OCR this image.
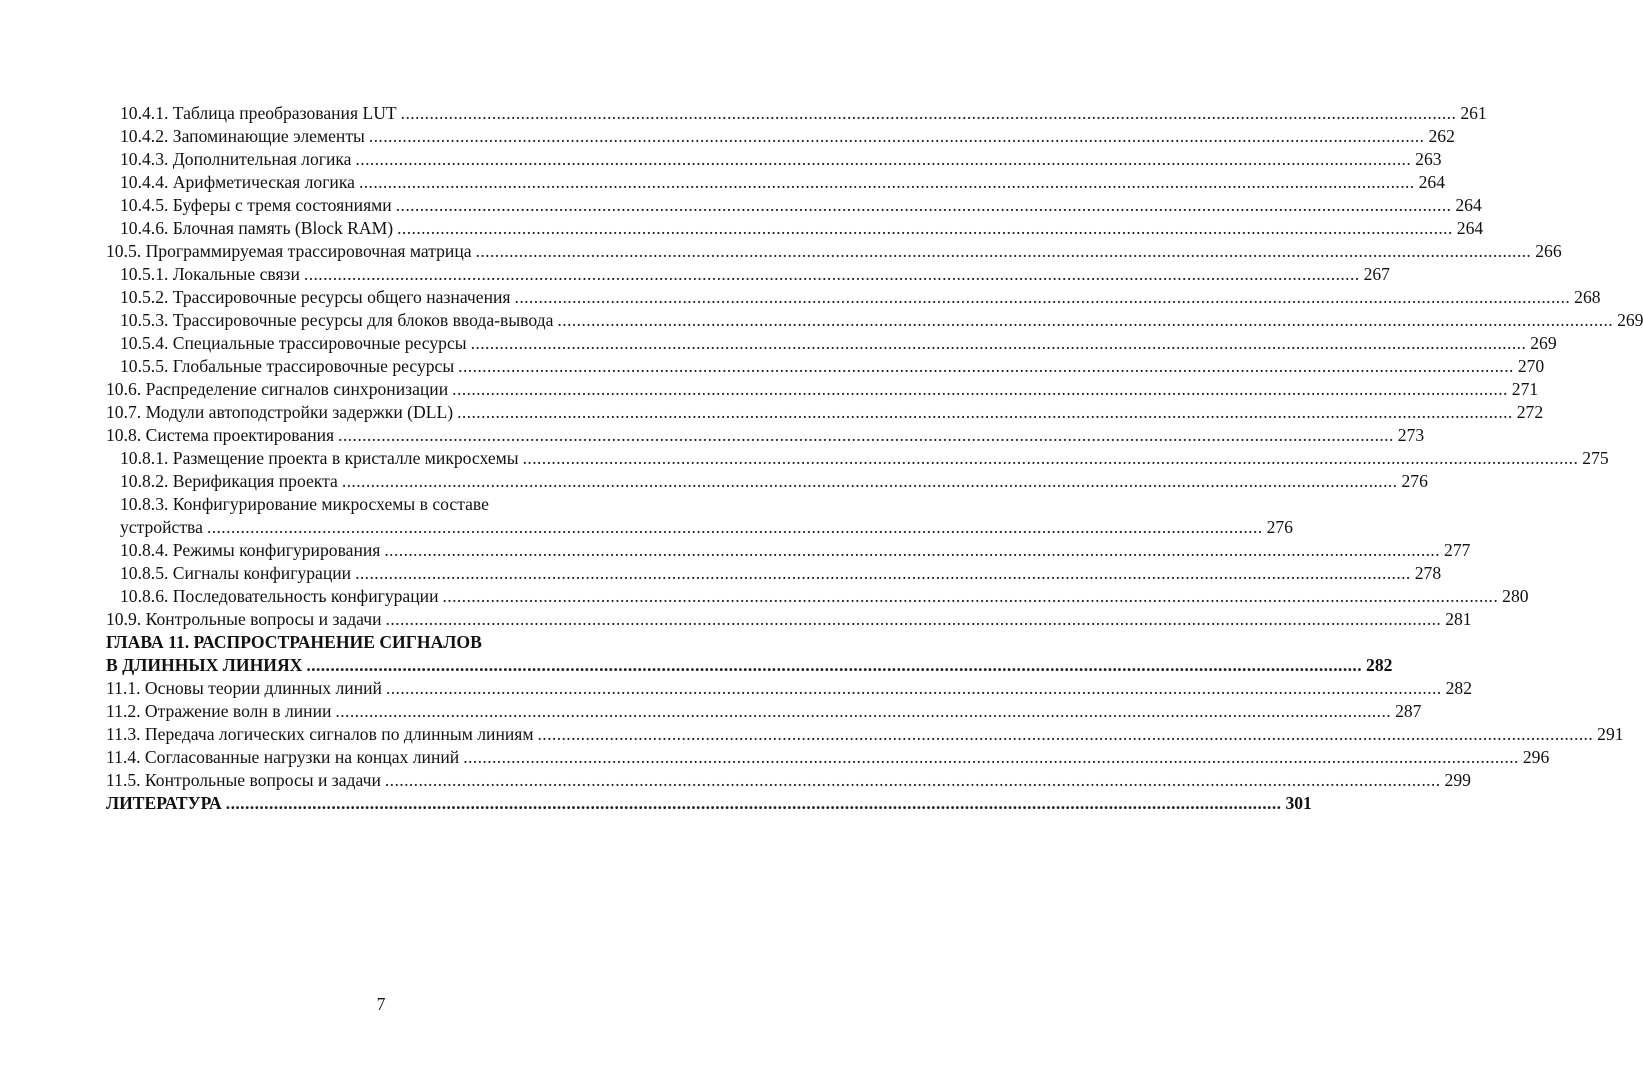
10.4.1. Таблица преобразования LUT ............................................................................................................................................................................................................................ 261
10.4.2. Запоминающие элементы ............................................................................................................................................................................................................................ 262
10.4.3. Дополнительная логика ............................................................................................................................................................................................................................ 263
10.4.4. Арифметическая логика ............................................................................................................................................................................................................................ 264
10.4.5. Буферы с тремя состояниями ............................................................................................................................................................................................................................ 264
10.4.6. Блочная память (Block RAM) ............................................................................................................................................................................................................................ 264
10.5. Программируемая трассировочная матрица ............................................................................................................................................................................................................................ 266
10.5.1. Локальные связи ............................................................................................................................................................................................................................ 267
10.5.2. Трассировочные ресурсы общего назначения ............................................................................................................................................................................................................................ 268
10.5.3. Трассировочные ресурсы для блоков ввода-вывода ............................................................................................................................................................................................................................ 269
10.5.4. Специальные трассировочные ресурсы ............................................................................................................................................................................................................................ 269
10.5.5. Глобальные трассировочные ресурсы ............................................................................................................................................................................................................................ 270
10.6. Распределение сигналов синхронизации ............................................................................................................................................................................................................................ 271
10.7. Модули автоподстройки задержки (DLL) ............................................................................................................................................................................................................................ 272
10.8. Система проектирования ............................................................................................................................................................................................................................ 273
10.8.1. Размещение проекта в кристалле микросхемы ............................................................................................................................................................................................................................ 275
10.8.2. Верификация проекта ............................................................................................................................................................................................................................ 276
10.8.3. Конфигурирование микросхемы в составе
устройства ............................................................................................................................................................................................................................ 276
10.8.4. Режимы конфигурирования ............................................................................................................................................................................................................................ 277
10.8.5. Сигналы конфигурации ............................................................................................................................................................................................................................ 278
10.8.6. Последовательность конфигурации ............................................................................................................................................................................................................................ 280
10.9. Контрольные вопросы и задачи ............................................................................................................................................................................................................................ 281
ГЛАВА 11. РАСПРОСТРАНЕНИЕ СИГНАЛОВ
В ДЛИННЫХ ЛИНИЯХ ............................................................................................................................................................................................................................ 282
11.1. Основы теории длинных линий ............................................................................................................................................................................................................................ 282
11.2. Отражение волн в линии ............................................................................................................................................................................................................................ 287
11.3. Передача логических сигналов по длинным линиям ............................................................................................................................................................................................................................ 291
11.4. Согласованные нагрузки на концах линий ............................................................................................................................................................................................................................ 296
11.5. Контрольные вопросы и задачи ............................................................................................................................................................................................................................ 299
ЛИТЕРАТУРА ............................................................................................................................................................................................................................ 301
7
